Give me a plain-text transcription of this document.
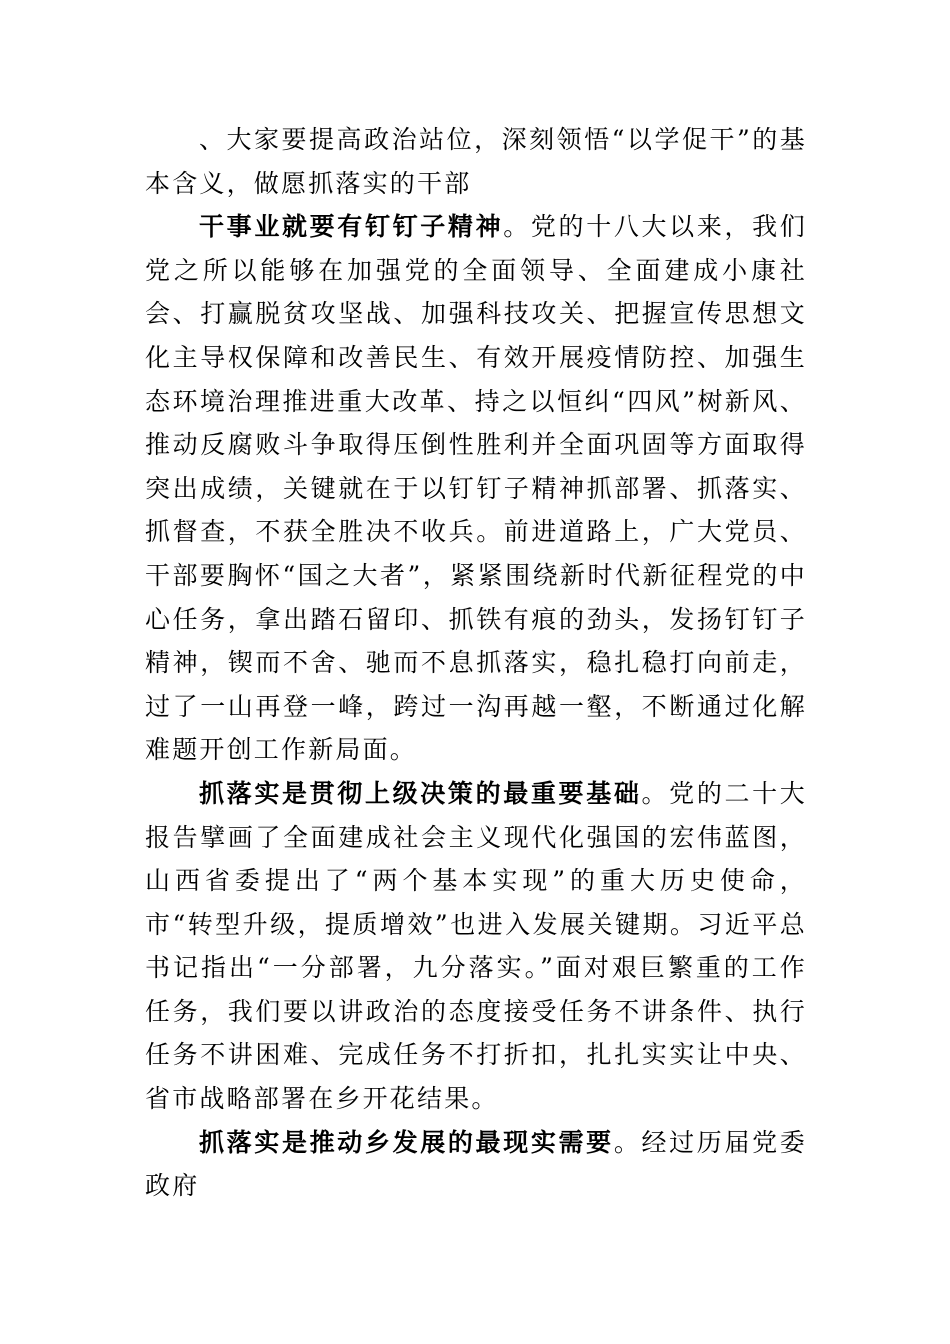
、大家要提高政治站位，深刻领悟“以学促干”的基本含义，做愿抓落实的干部

干事业就要有钉钉子精神。党的十八大以来，我们党之所以能够在加强党的全面领导、全面建成小康社会、打赢脱贫攻坚战、加强科技攻关、把握宣传思想文化主导权保障和改善民生、有效开展疫情防控、加强生态环境治理推进重大改革、持之以恒纠“四风”树新风、推动反腐败斗争取得压倒性胜利并全面巩固等方面取得突出成绩，关键就在于以钉钉子精神抓部署、抓落实、抓督查，不获全胜决不收兵。前进道路上，广大党员、干部要胸怀“国之大者”，紧紧围绕新时代新征程党的中心任务，拿出踏石留印、抓铁有痕的劲头，发扬钉钉子精神，锲而不舍、驰而不息抓落实，稳扎稳打向前走，过了一山再登一峰，跨过一沟再越一壑，不断通过化解难题开创工作新局面。

抓落实是贯彻上级决策的最重要基础。党的二十大报告擘画了全面建成社会主义现代化强国的宏伟蓝图，山西省委提出了“两个基本实现”的重大历史使命，市“转型升级，提质增效”也进入发展关键期。习近平总书记指出“一分部署，九分落实。”面对艰巨繁重的工作任务，我们要以讲政治的态度接受任务不讲条件、执行任务不讲困难、完成任务不打折扣，扎扎实实让中央、省市战略部署在乡开花结果。

抓落实是推动乡发展的最现实需要。经过历届党委政府
